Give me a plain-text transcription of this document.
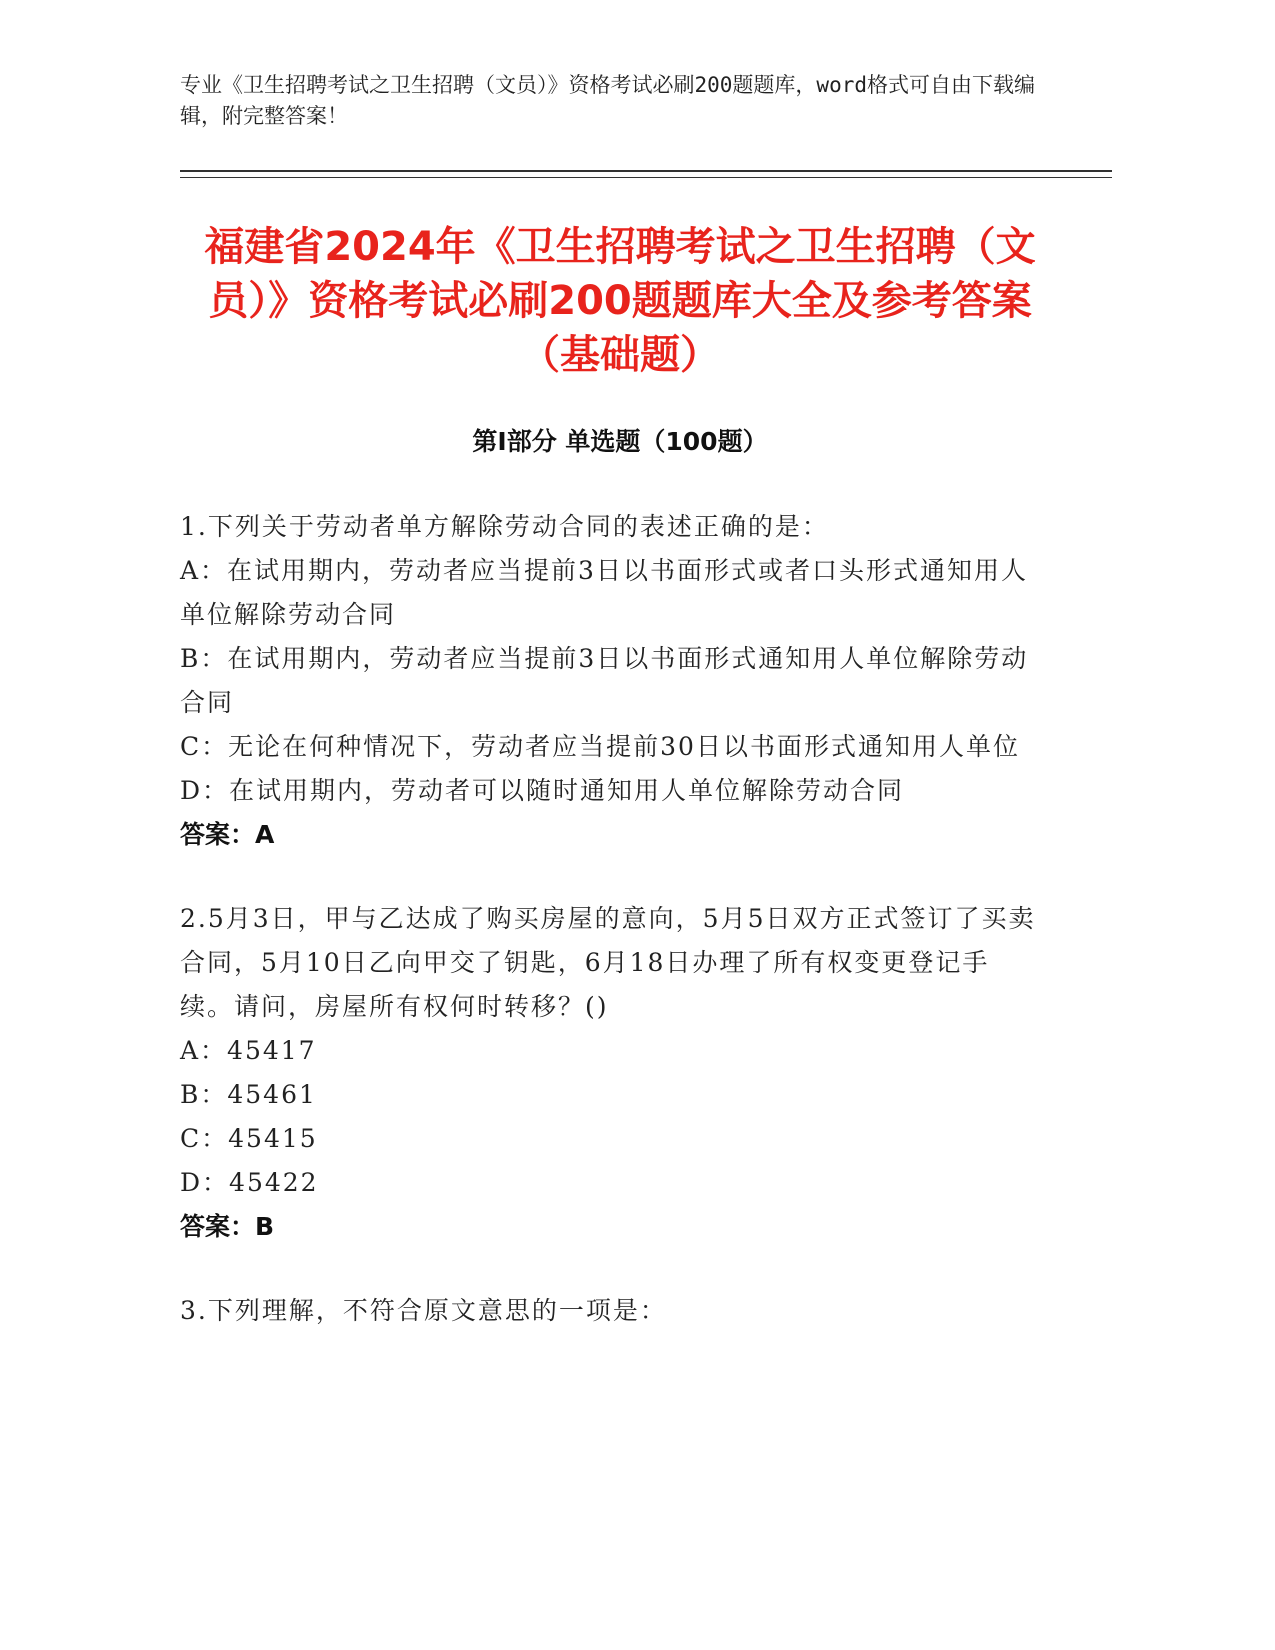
专业《卫生招聘考试之卫生招聘（文员）》资格考试必刷200题题库，word格式可自由下载编辑，附完整答案！
福建省2024年《卫生招聘考试之卫生招聘（文员）》资格考试必刷200题题库大全及参考答案（基础题）
第Ⅰ部分 单选题（100题）
1.下列关于劳动者单方解除劳动合同的表述正确的是：
A：在试用期内，劳动者应当提前3日以书面形式或者口头形式通知用人单位解除劳动合同
B：在试用期内，劳动者应当提前3日以书面形式通知用人单位解除劳动合同
C：无论在何种情况下，劳动者应当提前30日以书面形式通知用人单位
D：在试用期内，劳动者可以随时通知用人单位解除劳动合同
答案：A
2.5月3日，甲与乙达成了购买房屋的意向，5月5日双方正式签订了买卖合同，5月10日乙向甲交了钥匙，6月18日办理了所有权变更登记手续。请问，房屋所有权何时转移？()
A：45417
B：45461
C：45415
D：45422
答案：B
3.下列理解，不符合原文意思的一项是：
